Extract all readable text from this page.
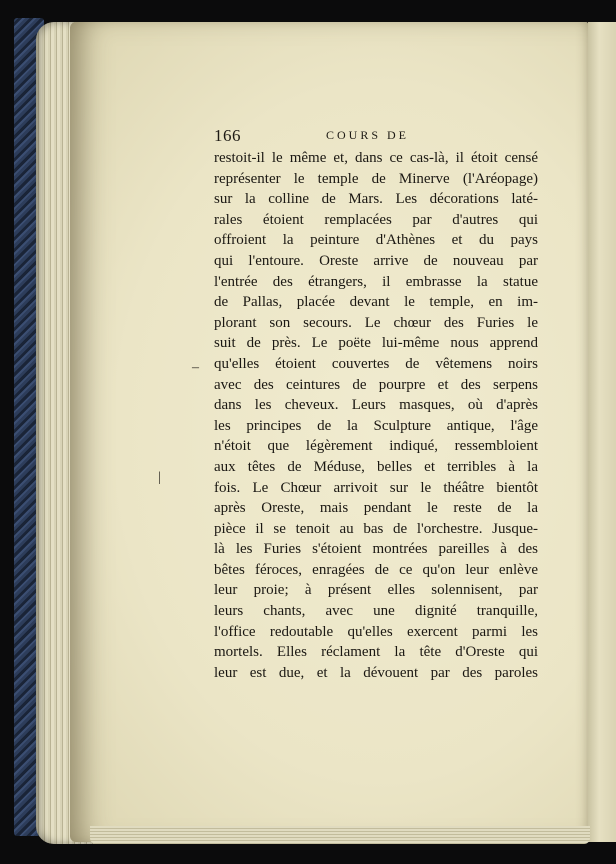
166	COURS DE
restoit-il le même et, dans ce cas-là, il étoit censé
représenter le temple de Minerve (l'Aréopage)
sur la colline de Mars. Les décorations laté-
rales étoient remplacées par d'autres qui
offroient la peinture d'Athènes et du pays
qui l'entoure. Oreste arrive de nouveau par
l'entrée des étrangers, il embrasse la statue
de Pallas, placée devant le temple, en im-
plorant son secours. Le chœur des Furies le
suit de près. Le poëte lui-même nous apprend
qu'elles étoient couvertes de vêtemens noirs
avec des ceintures de pourpre et des serpens
dans les cheveux. Leurs masques, où d'après
les principes de la Sculpture antique, l'âge
n'étoit que légèrement indiqué, ressembloient
aux têtes de Méduse, belles et terribles à la
fois. Le Chœur arrivoit sur le théâtre bientôt
après Oreste, mais pendant le reste de la
pièce il se tenoit au bas de l'orchestre. Jusque-
là les Furies s'étoient montrées pareilles à des
bêtes féroces, enragées de ce qu'on leur enlève
leur proie; à présent elles solennisent, par
leurs chants, avec une dignité tranquille,
l'office redoutable qu'elles exercent parmi les
mortels. Elles réclament la tête d'Oreste qui
leur est due, et la dévouent par des paroles
–
|
